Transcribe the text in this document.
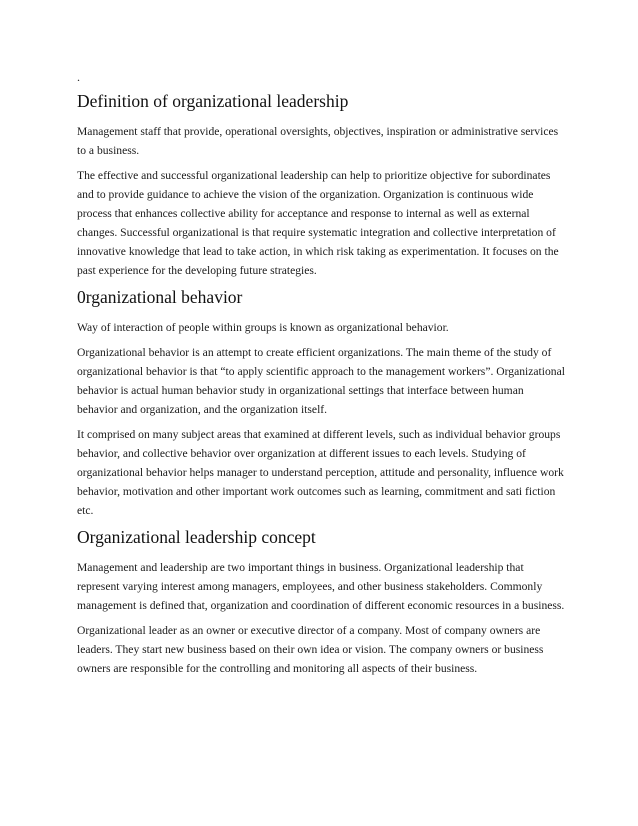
.
Definition of organizational leadership

Management staff that provide, operational oversights, objectives, inspiration or administrative services to a business.

The effective and successful organizational leadership can help to prioritize objective for subordinates and to provide guidance to achieve the vision of the organization. Organization is continuous wide process that enhances collective ability for acceptance and response to internal as well as external changes. Successful organizational is that require systematic integration and collective interpretation of innovative knowledge that lead to take action, in which risk taking as experimentation. It focuses on the past experience for the developing future strategies.

0rganizational behavior

Way of interaction of people within groups is known as organizational behavior.

Organizational behavior is an attempt to create efficient organizations. The main theme of the study of organizational behavior is that “to apply scientific approach to the management workers”. Organizational behavior is actual human behavior study in organizational settings that interface between human behavior and organization, and the organization itself.

It comprised on many subject areas that examined at different levels, such as individual behavior groups behavior, and collective behavior over organization at different issues to each levels. Studying of organizational behavior helps manager to understand perception, attitude and personality, influence work behavior, motivation and other important work outcomes such as learning, commitment and sati fiction etc.

Organizational leadership concept

Management and leadership are two important things in business. Organizational leadership that represent varying interest among managers, employees, and other business stakeholders. Commonly management is defined that, organization and coordination of different economic resources in a business.

Organizational leader as an owner or executive director of a company. Most of company owners are leaders. They start new business based on their own idea or vision. The company owners or business owners are responsible for the controlling and monitoring all aspects of their business.
